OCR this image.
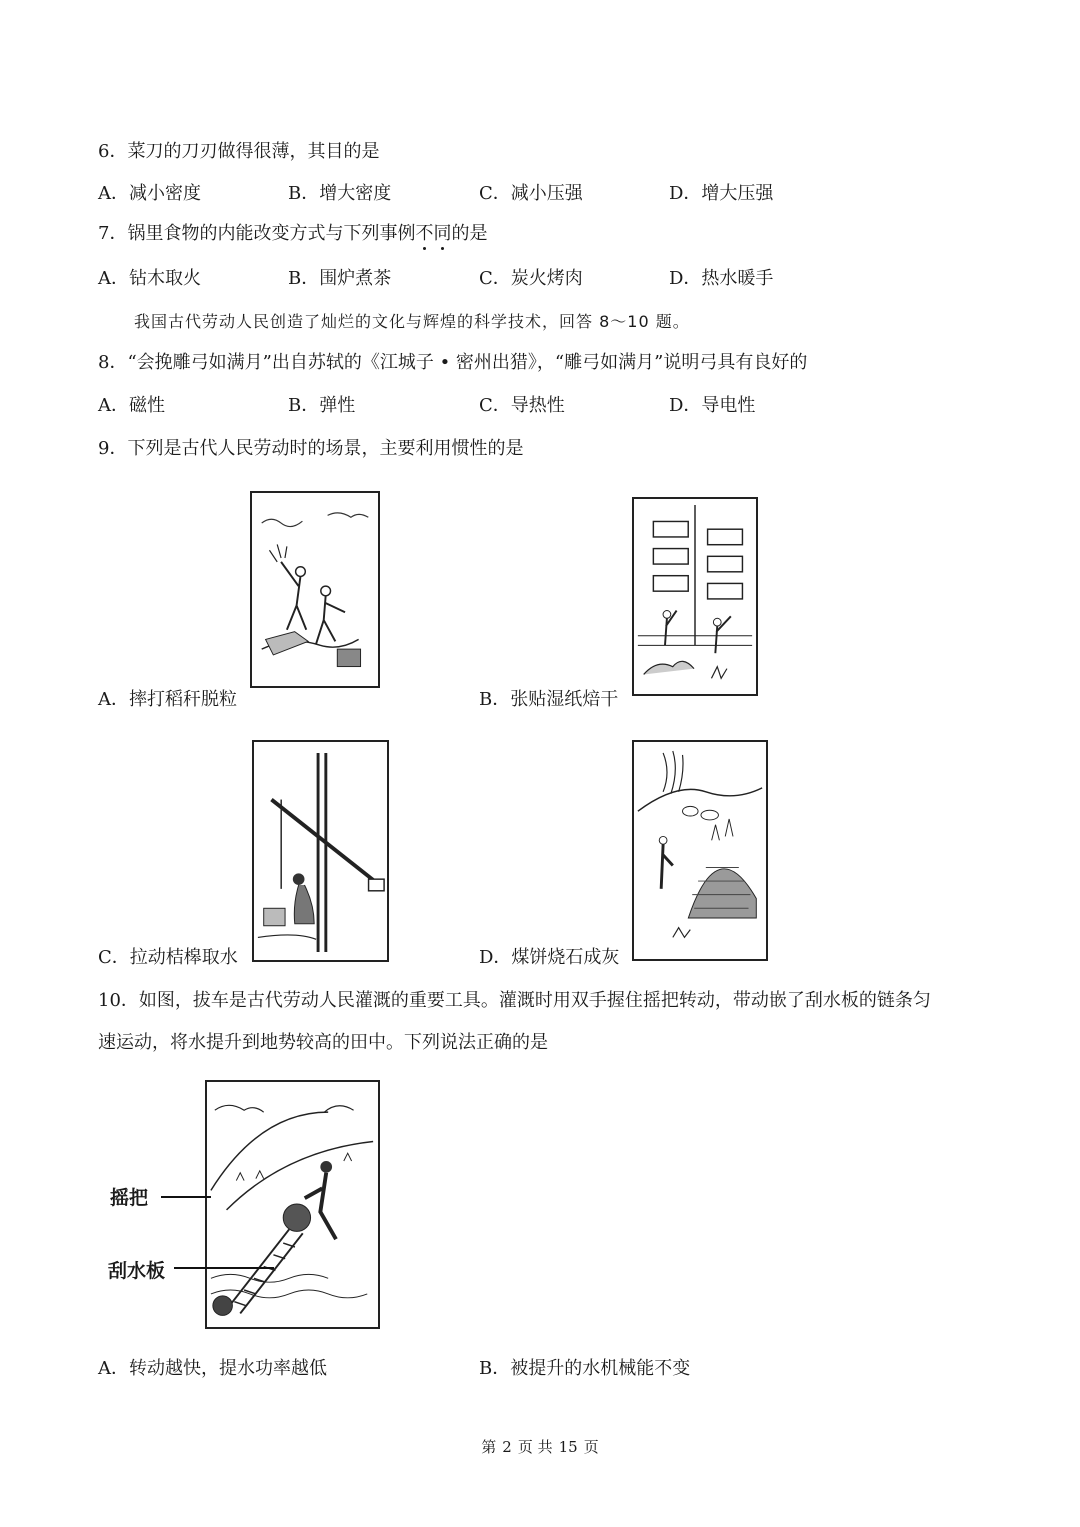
6．菜刀的刀刃做得很薄，其目的是
A．减小密度	B．增大密度	C．减小压强	D．增大压强
7．锅里食物的内能改变方式与下列事例不同的是
A．钻木取火	B．围炉煮茶	C．炭火烤肉	D．热水暖手
我国古代劳动人民创造了灿烂的文化与辉煌的科学技术，回答 8～10 题。
8．“会挽雕弓如满月”出自苏轼的《江城子 • 密州出猎》，“雕弓如满月”说明弓具有良好的
A．磁性	B．弹性	C．导热性	D．导电性
9．下列是古代人民劳动时的场景，主要利用惯性的是
A．摔打稻秆脱粒	B．张贴湿纸焙干
C．拉动桔槔取水	D．煤饼烧石成灰
10．如图，拔车是古代劳动人民灌溉的重要工具。灌溉时用双手握住摇把转动，带动嵌了刮水板的链条匀
速运动，将水提升到地势较高的田中。下列说法正确的是
摇把
刮水板
A．转动越快，提水功率越低	B．被提升的水机械能不变
第 2 页 共 15 页
